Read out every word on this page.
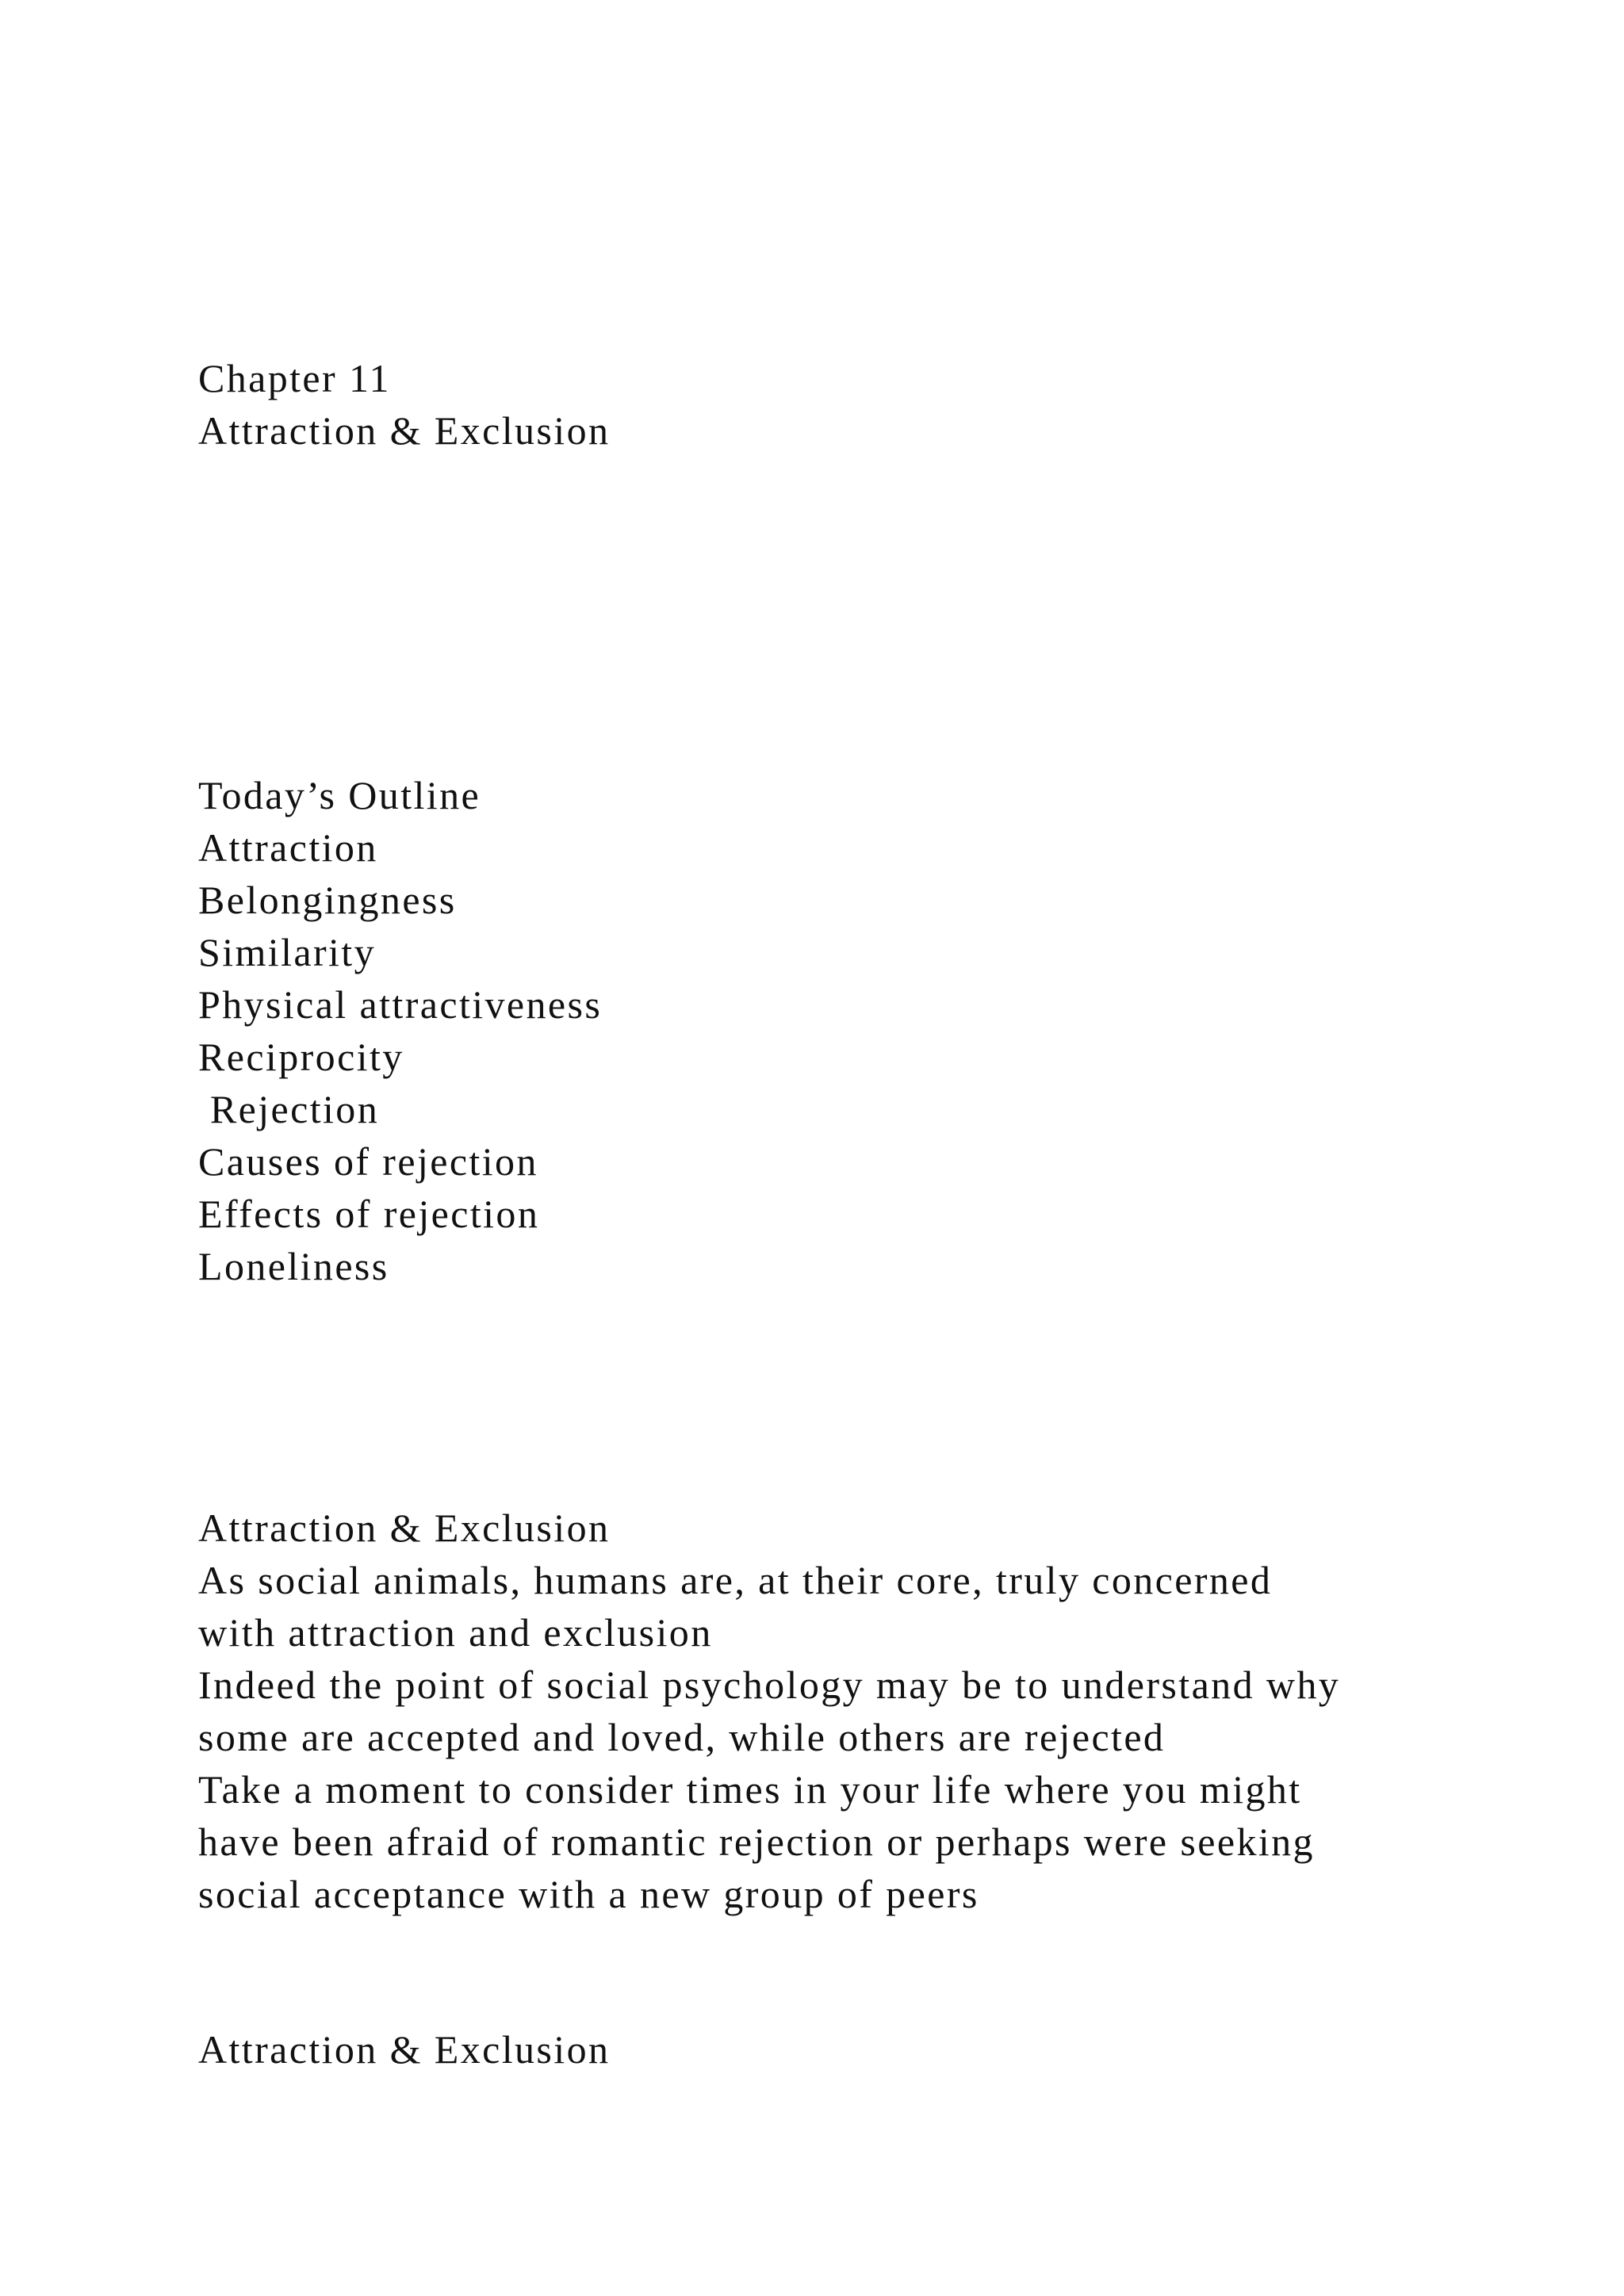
Chapter 11
Attraction & Exclusion
Today’s Outline
Attraction
Belongingness
Similarity
Physical attractiveness
Reciprocity
Rejection
Causes of rejection
Effects of rejection
Loneliness
Attraction & Exclusion
As social animals, humans are, at their core, truly concerned
with attraction and exclusion
Indeed the point of social psychology may be to understand why
some are accepted and loved, while others are rejected
Take a moment to consider times in your life where you might
have been afraid of romantic rejection or perhaps were seeking
social acceptance with a new group of peers
Attraction & Exclusion
